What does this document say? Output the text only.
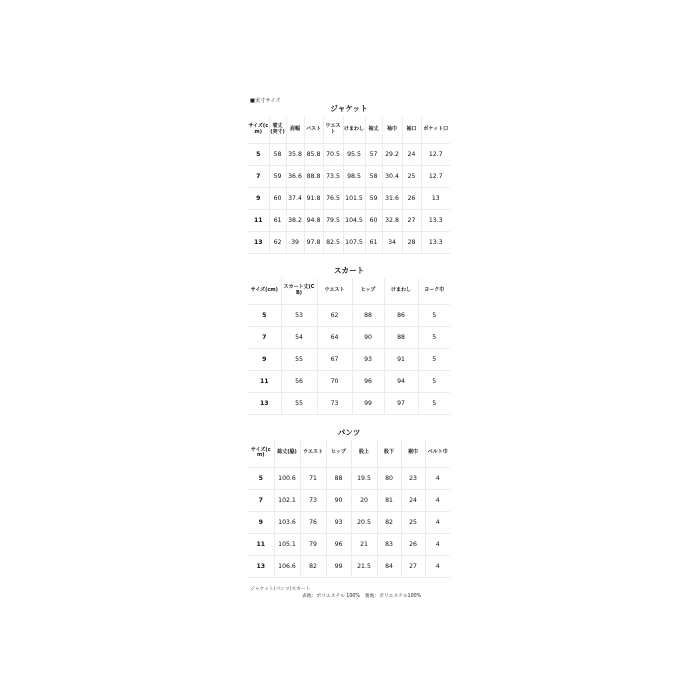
■実寸サイズ
ジャケット
サイズ(cm)	着丈(実寸)	肩幅	バスト	ウエスト	けまわし	袖丈	袖巾	袖口	ポケット口
5	58	35.8	85.8	70.5	95.5	57	29.2	24	12.7
7	59	36.6	88.8	73.5	98.5	58	30.4	25	12.7
9	60	37.4	91.8	76.5	101.5	59	31.6	26	13
11	61	38.2	94.8	79.5	104.5	60	32.8	27	13.3
13	62	39	97.8	82.5	107.5	61	34	28	13.3
スカート
サイズ(cm)	スカート丈(CB)	ウエスト	ヒップ	けまわし	ヨーク巾
5	53	62	88	86	5
7	54	64	90	88	5
9	55	67	93	91	5
11	56	70	96	94	5
13	55	73	99	97	5
パンツ
サイズ(cm)	総丈(脇)	ウエスト	ヒップ	股上	股下	裾巾	ベルト巾
5	100.6	71	88	19.5	80	23	4
7	102.1	73	90	20	81	24	4
9	103.6	76	93	20.5	82	25	4
11	105.1	79	96	21	83	26	4
13	106.6	82	99	21.5	84	27	4
ジャケット/パンツ/スカート
表地：ポリエステル 100%　裏地：ポリエステル100%
